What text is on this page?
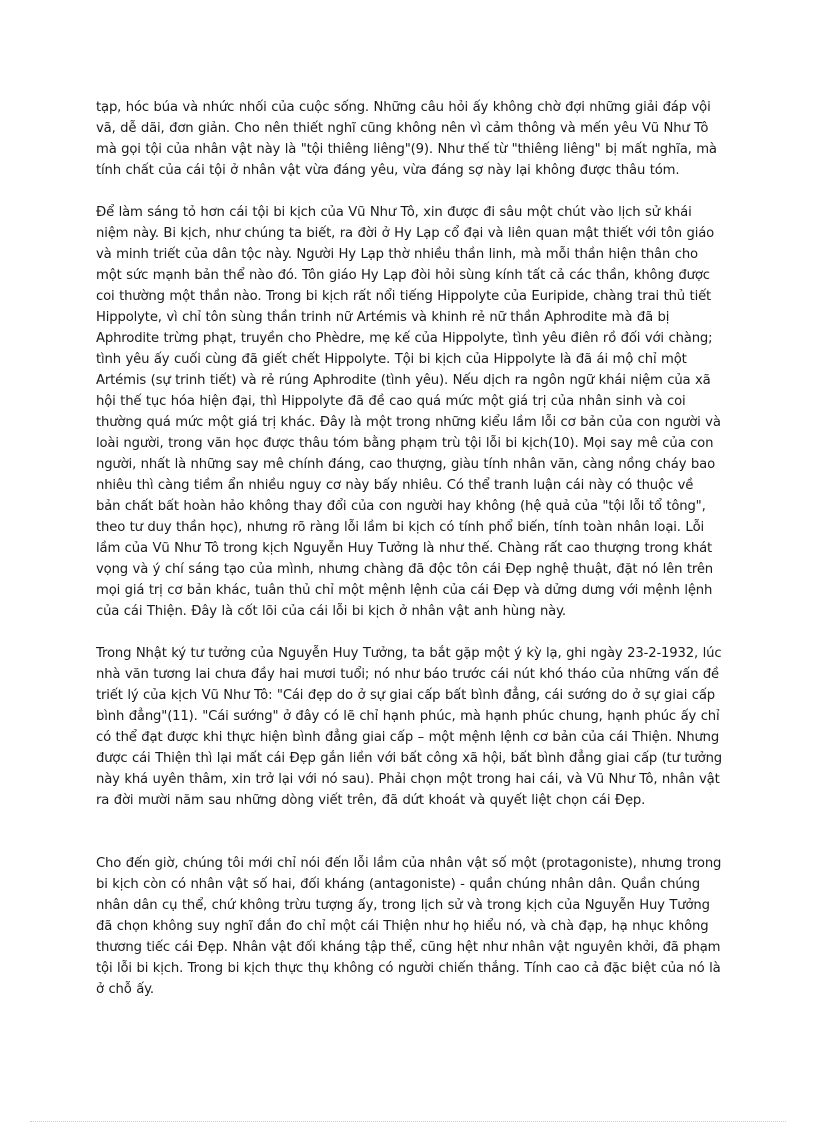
tạp, hóc búa và nhức nhối của cuộc sống. Những câu hỏi ấy không chờ đợi những giải đáp vội vã, dễ dãi, đơn giản. Cho nên thiết nghĩ cũng không nên vì cảm thông và mến yêu Vũ Như Tô mà gọi tội của nhân vật này là "tội thiêng liêng"(9). Như thế từ "thiêng liêng" bị mất nghĩa, mà tính chất của cái tội ở nhân vật vừa đáng yêu, vừa đáng sợ này lại không được thâu tóm.

Để làm sáng tỏ hơn cái tội bi kịch của Vũ Như Tô, xin được đi sâu một chút vào lịch sử khái niệm này. Bi kịch, như chúng ta biết, ra đời ở Hy Lạp cổ đại và liên quan mật thiết với tôn giáo và minh triết của dân tộc này. Người Hy Lạp thờ nhiều thần linh, mà mỗi thần hiện thân cho một sức mạnh bản thể nào đó. Tôn giáo Hy Lạp đòi hỏi sùng kính tất cả các thần, không được coi thường một thần nào. Trong bi kịch rất nổi tiếng Hippolyte của Euripide, chàng trai thủ tiết Hippolyte, vì chỉ tôn sùng thần trinh nữ Artémis và khinh rẻ nữ thần Aphrodite mà đã bị Aphrodite trừng phạt, truyền cho Phèdre, mẹ kế của Hippolyte, tình yêu điên rồ đối với chàng; tình yêu ấy cuối cùng đã giết chết Hippolyte. Tội bi kịch của Hippolyte là đã ái mộ chỉ một Artémis (sự trinh tiết) và rẻ rúng Aphrodite (tình yêu). Nếu dịch ra ngôn ngữ khái niệm của xã hội thế tục hóa hiện đại, thì Hippolyte đã đề cao quá mức một giá trị của nhân sinh và coi thường quá mức một giá trị khác. Đây là một trong những kiểu lầm lỗi cơ bản của con người và loài người, trong văn học được thâu tóm bằng phạm trù tội lỗi bi kịch(10). Mọi say mê của con người, nhất là những say mê chính đáng, cao thượng, giàu tính nhân văn, càng nồng cháy bao nhiêu thì càng tiềm ẩn nhiều nguy cơ này bấy nhiêu. Có thể tranh luận cái này có thuộc về bản chất bất hoàn hảo không thay đổi của con người hay không (hệ quả của "tội lỗi tổ tông", theo tư duy thần học), nhưng rõ ràng lỗi lầm bi kịch có tính phổ biến, tính toàn nhân loại. Lỗi lầm của Vũ Như Tô trong kịch Nguyễn Huy Tưởng là như thế. Chàng rất cao thượng trong khát vọng và ý chí sáng tạo của mình, nhưng chàng đã độc tôn cái Đẹp nghệ thuật, đặt nó lên trên mọi giá trị cơ bản khác, tuân thủ chỉ một mệnh lệnh của cái Đẹp và dửng dưng với mệnh lệnh của cái Thiện. Đây là cốt lõi của cái lỗi bi kịch ở nhân vật anh hùng này.

Trong Nhật ký tư tưởng của Nguyễn Huy Tưởng, ta bắt gặp một ý kỳ lạ, ghi ngày 23-2-1932, lúc nhà văn tương lai chưa đầy hai mươi tuổi; nó như báo trước cái nút khó tháo của những vấn đề triết lý của kịch Vũ Như Tô: "Cái đẹp do ở sự giai cấp bất bình đẳng, cái sướng do ở sự giai cấp bình đẳng"(11). "Cái sướng" ở đây có lẽ chỉ hạnh phúc, mà hạnh phúc chung, hạnh phúc ấy chỉ có thể đạt được khi thực hiện bình đẳng giai cấp – một mệnh lệnh cơ bản của cái Thiện. Nhưng được cái Thiện thì lại mất cái Đẹp gắn liền với bất công xã hội, bất bình đẳng giai cấp (tư tưởng này khá uyên thâm, xin trở lại với nó sau). Phải chọn một trong hai cái, và Vũ Như Tô, nhân vật ra đời mười năm sau những dòng viết trên, đã dứt khoát và quyết liệt chọn cái Đẹp.

Cho đến giờ, chúng tôi mới chỉ nói đến lỗi lầm của nhân vật số một (protagoniste), nhưng trong bi kịch còn có nhân vật số hai, đối kháng (antagoniste) - quần chúng nhân dân. Quần chúng nhân dân cụ thể, chứ không trừu tượng ấy, trong lịch sử và trong kịch của Nguyễn Huy Tưởng đã chọn không suy nghĩ đắn đo chỉ một cái Thiện như họ hiểu nó, và chà đạp, hạ nhục không thương tiếc cái Đẹp. Nhân vật đối kháng tập thể, cũng hệt như nhân vật nguyên khởi, đã phạm tội lỗi bi kịch. Trong bi kịch thực thụ không có người chiến thắng. Tính cao cả đặc biệt của nó là ở chỗ ấy.
